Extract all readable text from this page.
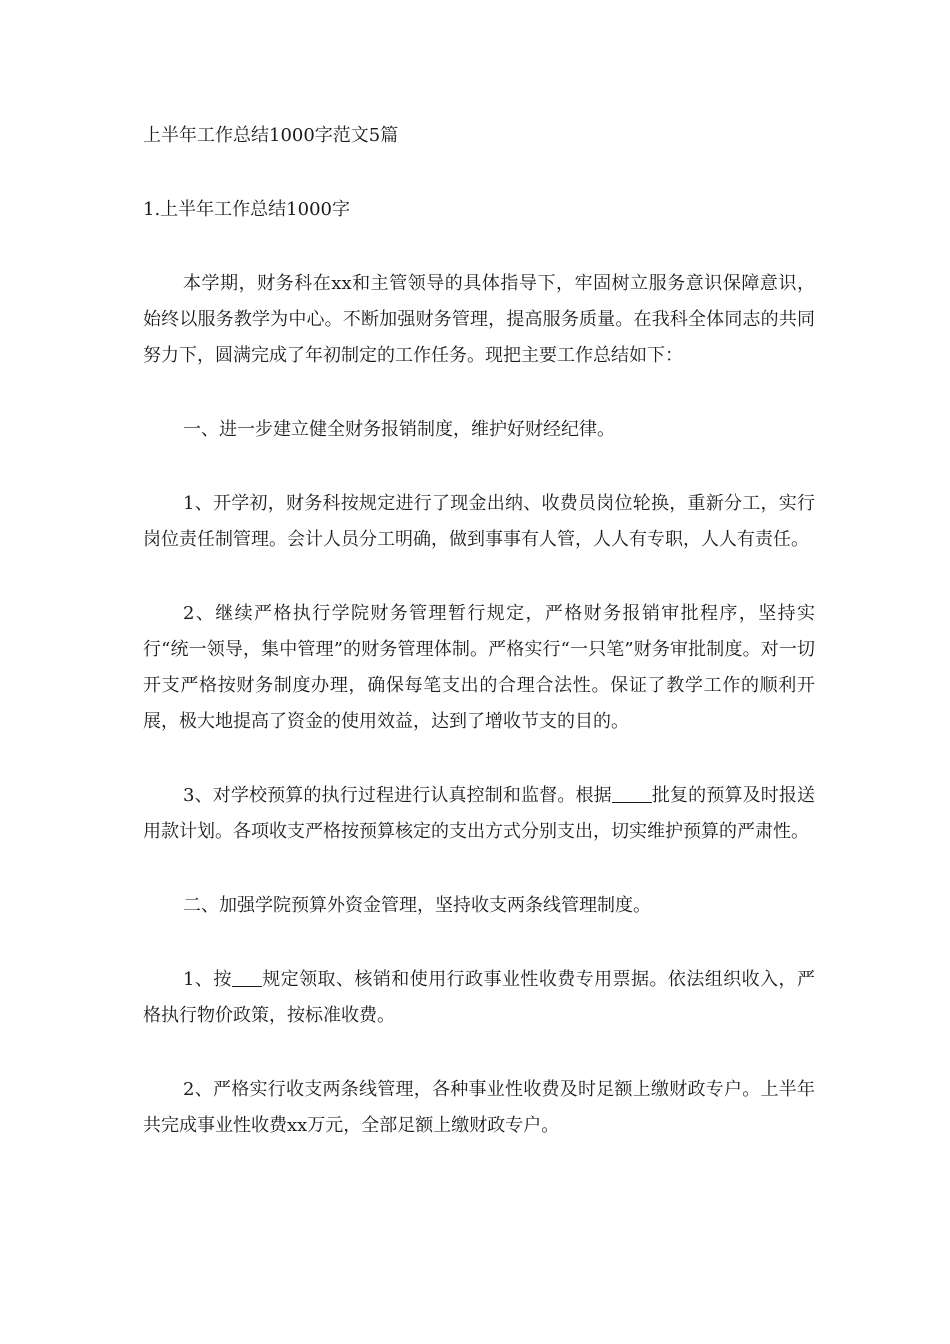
上半年工作总结1000字范文5篇
1.上半年工作总结1000字

本学期，财务科在xx和主管领导的具体指导下，牢固树立服务意识保障意识，始终以服务教学为中心。不断加强财务管理，提高服务质量。在我科全体同志的共同努力下，圆满完成了年初制定的工作任务。现把主要工作总结如下：

一、进一步建立健全财务报销制度，维护好财经纪律。

1、开学初，财务科按规定进行了现金出纳、收费员岗位轮换，重新分工，实行岗位责任制管理。会计人员分工明确，做到事事有人管，人人有专职，人人有责任。

2、继续严格执行学院财务管理暂行规定，严格财务报销审批程序，坚持实行“统一领导，集中管理”的财务管理体制。严格实行“一只笔”财务审批制度。对一切开支严格按财务制度办理，确保每笔支出的合理合法性。保证了教学工作的顺利开展，极大地提高了资金的使用效益，达到了增收节支的目的。

3、对学校预算的执行过程进行认真控制和监督。根据 批复的预算及时报送用款计划。各项收支严格按预算核定的支出方式分别支出，切实维护预算的严肃性。

二、加强学院预算外资金管理，坚持收支两条线管理制度。

1、按 规定领取、核销和使用行政事业性收费专用票据。依法组织收入，严格执行物价政策，按标准收费。

2、严格实行收支两条线管理，各种事业性收费及时足额上缴财政专户。上半年共完成事业性收费xx万元，全部足额上缴财政专户。
